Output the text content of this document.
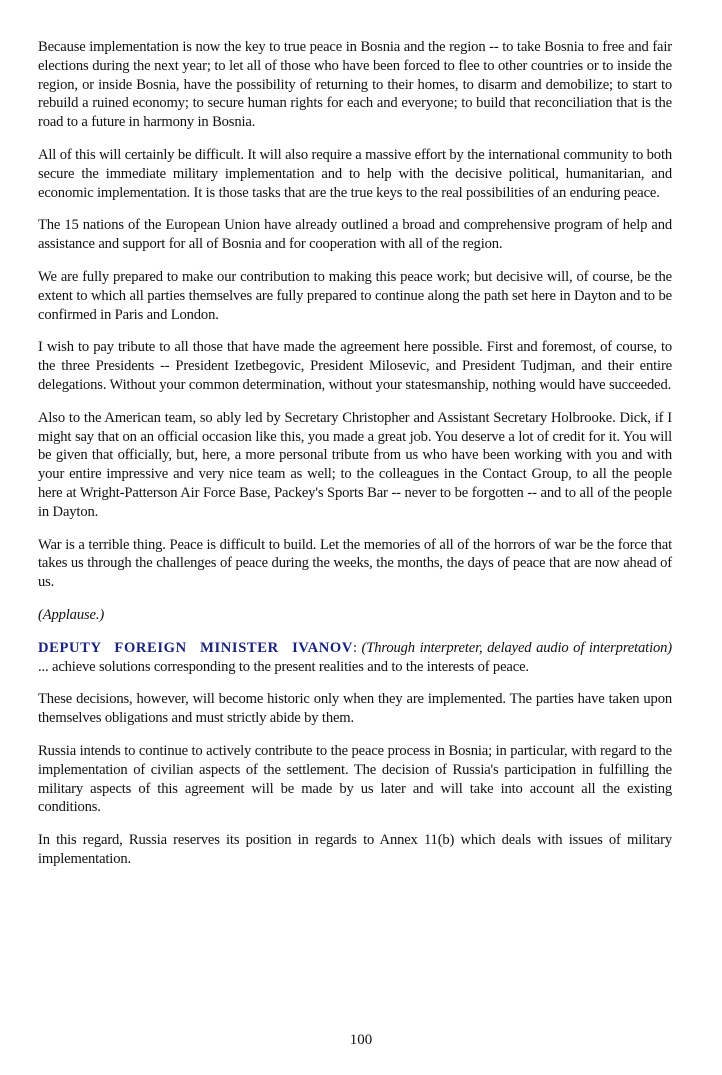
Because implementation is now the key to true peace in Bosnia and the region -- to take Bosnia to free and fair elections during the next year; to let all of those who have been forced to flee to other countries or to inside the region, or inside Bosnia, have the possibility of returning to their homes, to disarm and demobilize; to start to rebuild a ruined economy; to secure human rights for each and everyone; to build that reconciliation that is the road to a future in harmony in Bosnia.

All of this will certainly be difficult. It will also require a massive effort by the international community to both secure the immediate military implementation and to help with the decisive political, humanitarian, and economic implementation. It is those tasks that are the true keys to the real possibilities of an enduring peace.

The 15 nations of the European Union have already outlined a broad and comprehensive program of help and assistance and support for all of Bosnia and for cooperation with all of the region.

We are fully prepared to make our contribution to making this peace work; but decisive will, of course, be the extent to which all parties themselves are fully prepared to continue along the path set here in Dayton and to be confirmed in Paris and London.

I wish to pay tribute to all those that have made the agreement here possible. First and foremost, of course, to the three Presidents -- President Izetbegovic, President Milosevic, and President Tudjman, and their entire delegations. Without your common determination, without your statesmanship, nothing would have succeeded.

Also to the American team, so ably led by Secretary Christopher and Assistant Secretary Holbrooke. Dick, if I might say that on an official occasion like this, you made a great job. You deserve a lot of credit for it. You will be given that officially, but, here, a more personal tribute from us who have been working with you and with your entire impressive and very nice team as well; to the colleagues in the Contact Group, to all the people here at Wright-Patterson Air Force Base, Packey's Sports Bar -- never to be forgotten -- and to all of the people in Dayton.

War is a terrible thing. Peace is difficult to build. Let the memories of all of the horrors of war be the force that takes us through the challenges of peace during the weeks, the months, the days of peace that are now ahead of us.

(Applause.)

DEPUTY FOREIGN MINISTER IVANOV: (Through interpreter, delayed audio of interpretation) ... achieve solutions corresponding to the present realities and to the interests of peace.

These decisions, however, will become historic only when they are implemented. The parties have taken upon themselves obligations and must strictly abide by them.

Russia intends to continue to actively contribute to the peace process in Bosnia; in particular, with regard to the implementation of civilian aspects of the settlement. The decision of Russia's participation in fulfilling the military aspects of this agreement will be made by us later and will take into account all the existing conditions.

In this regard, Russia reserves its position in regards to Annex 11(b) which deals with issues of military implementation.

100
